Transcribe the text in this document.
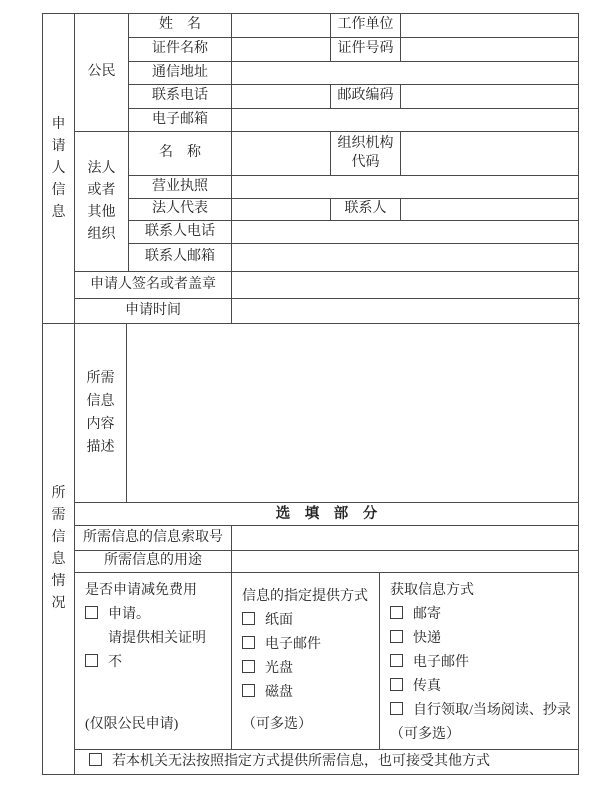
申请人信息	公民	姓　名		工作单位	
		证件名称		证件号码	
		通信地址			
		联系电话		邮政编码	
		电子邮箱			

	法人或者其他组织	名　称		组织机构代码	
		营业执照			
		法人代表		联系人	
		联系人电话			
		联系人邮箱			
	申请人签名或者盖章				
	申请时间				
所需信息情况	所需信息内容描述			

	选　填　部　分			
	所需信息的信息索取号			
	所需信息的用途			

是否申请减免费用
申请。
请提供相关证明
不
(仅限公民申请)

信息的指定提供方式
纸面
电子邮件
光盘
磁盘
（可多选）

获取信息方式
邮寄
快递
电子邮件
传真
自行领取/当场阅读、抄录
（可多选）

	若本机关无法按照指定方式提供所需信息，也可接受其他方式			
